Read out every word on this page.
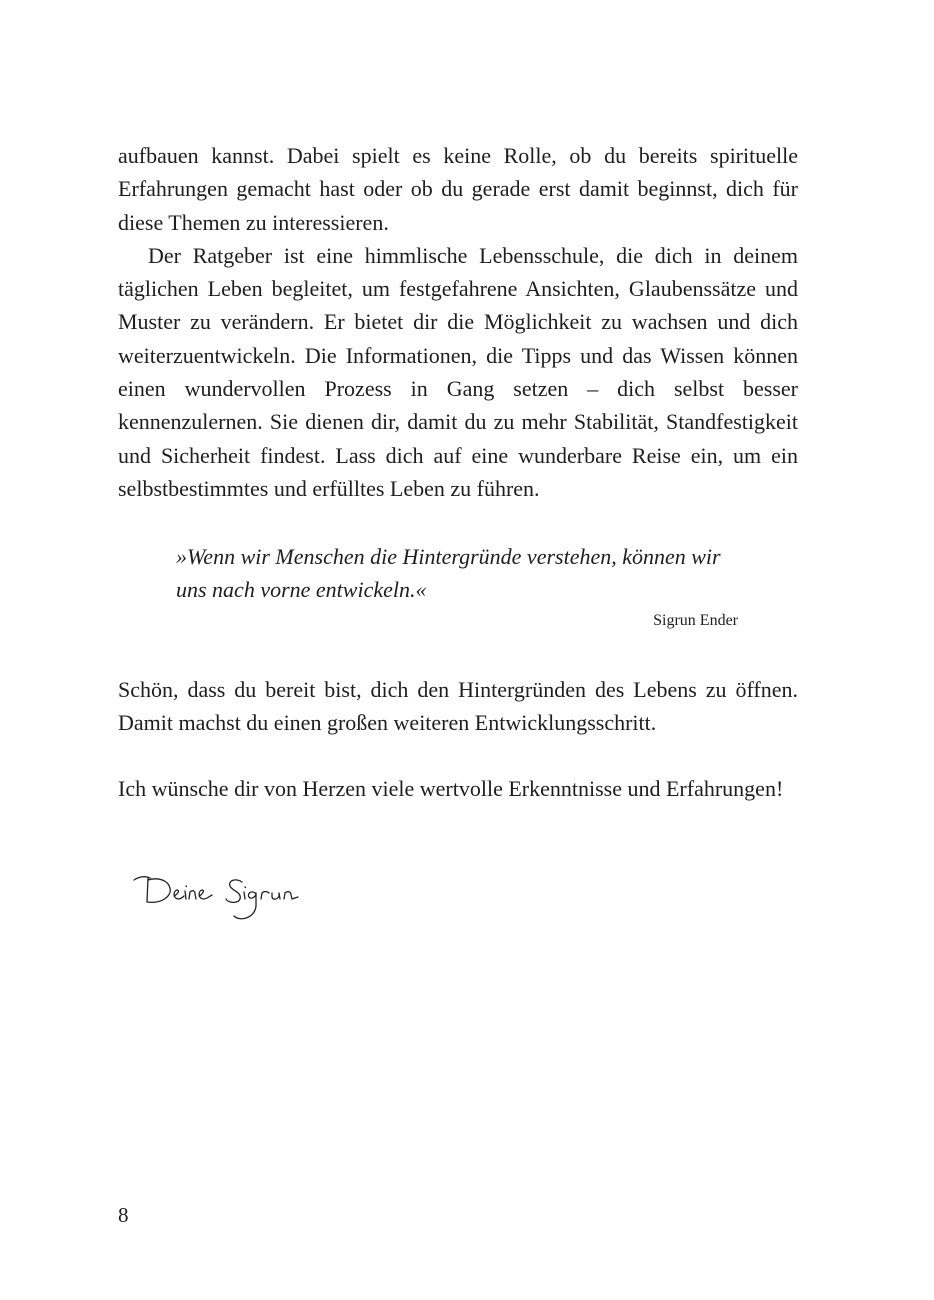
aufbauen kannst. Dabei spielt es keine Rolle, ob du bereits spirituelle Erfahrungen gemacht hast oder ob du gerade erst damit beginnst, dich für diese Themen zu interessieren.

Der Ratgeber ist eine himmlische Lebensschule, die dich in deinem täglichen Leben begleitet, um festgefahrene Ansichten, Glaubenssätze und Muster zu verändern. Er bietet dir die Möglichkeit zu wachsen und dich weiterzuentwickeln. Die Informationen, die Tipps und das Wissen können einen wundervollen Prozess in Gang setzen – dich selbst besser kennenzulernen. Sie dienen dir, damit du zu mehr Stabilität, Standfestigkeit und Sicherheit findest. Lass dich auf eine wunderbare Reise ein, um ein selbstbestimmtes und erfülltes Leben zu führen.

»Wenn wir Menschen die Hintergründe verstehen, können wir
uns nach vorne entwickeln.«
Sigrun Ender

Schön, dass du bereit bist, dich den Hintergründen des Lebens zu öffnen. Damit machst du einen großen weiteren Entwicklungsschritt.

Ich wünsche dir von Herzen viele wertvolle Erkenntnisse und Erfahrungen!

8
